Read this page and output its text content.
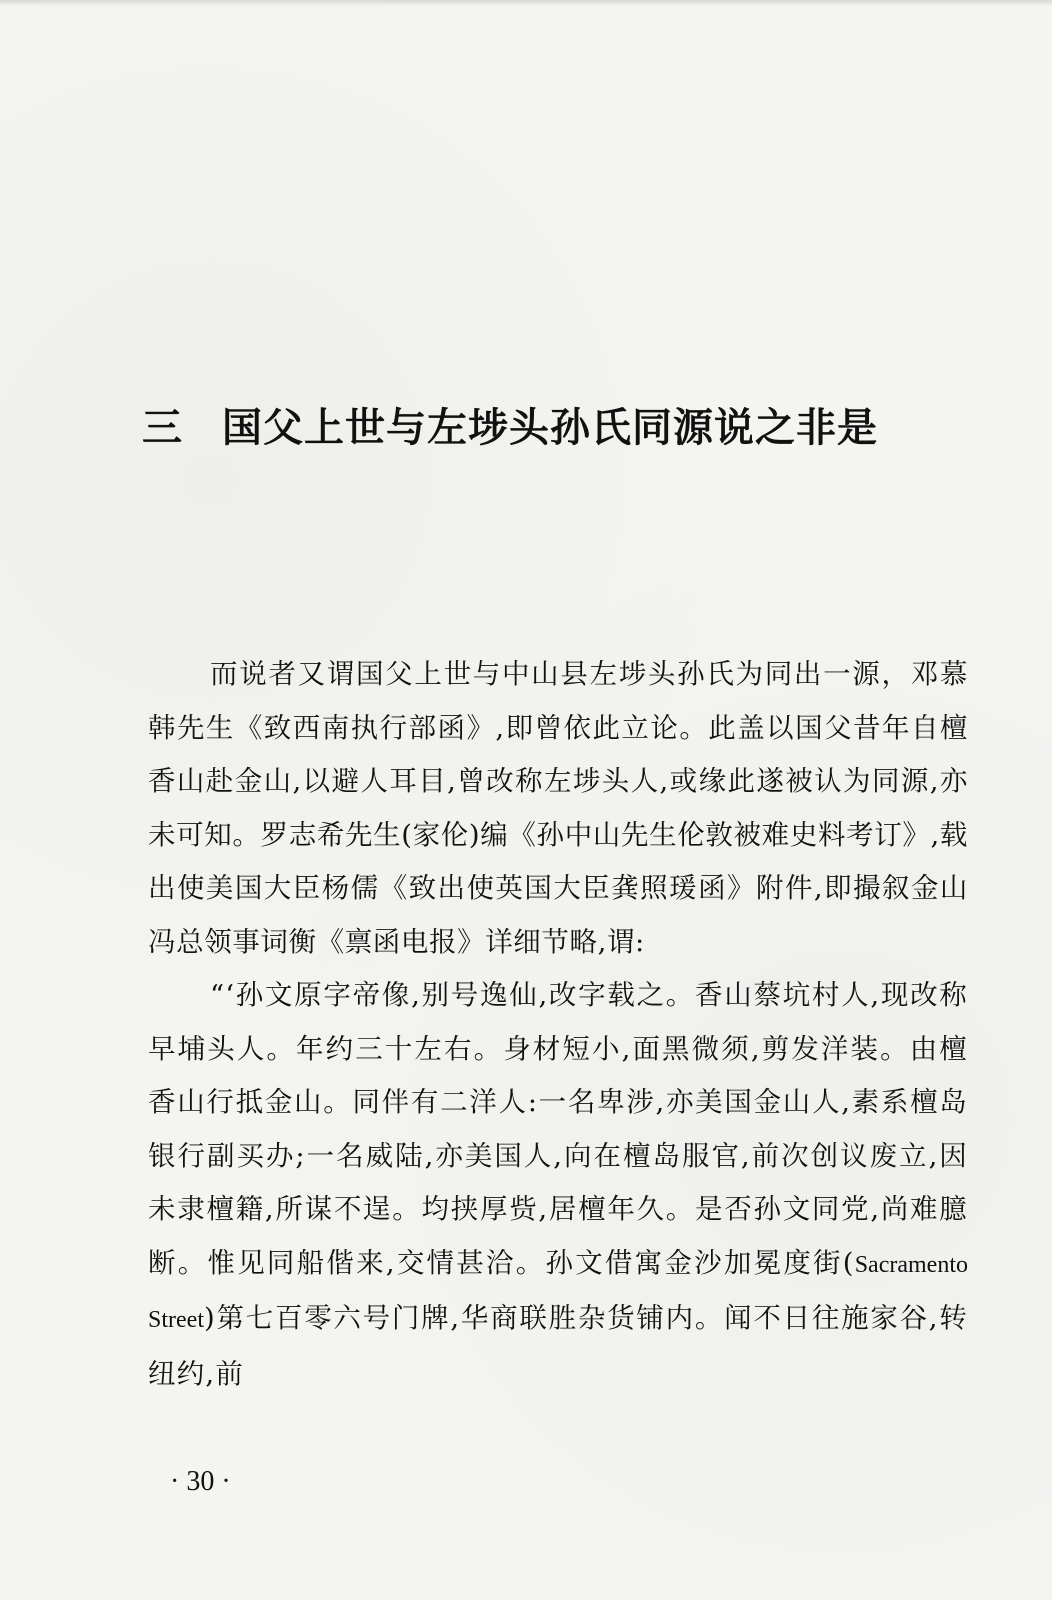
三 国父上世与左埗头孙氏同源说之非是

而说者又谓国父上世与中山县左埗头孙氏为同出一源，邓慕韩先生《致西南执行部函》,即曾依此立论。此盖以国父昔年自檀香山赴金山,以避人耳目,曾改称左埗头人,或缘此遂被认为同源,亦未可知。罗志希先生(家伦)编《孙中山先生伦敦被难史料考订》,载出使美国大臣杨儒《致出使英国大臣龚照瑗函》附件,即撮叙金山冯总领事词衡《禀函电报》详细节略,谓:

“‘孙文原字帝像,别号逸仙,改字载之。香山蔡坑村人,现改称早埔头人。年约三十左右。身材短小,面黑微须,剪发洋装。由檀香山行抵金山。同伴有二洋人:一名卑涉,亦美国金山人,素系檀岛银行副买办;一名威陆,亦美国人,向在檀岛服官,前次创议废立,因未隶檀籍,所谋不逞。均挟厚赀,居檀年久。是否孙文同党,尚难臆断。惟见同船偕来,交情甚洽。孙文借寓金沙加冕度街(Sacramento Street)第七百零六号门牌,华商联胜杂货铺内。闻不日往施家谷,转纽约,前

· 30 ·
